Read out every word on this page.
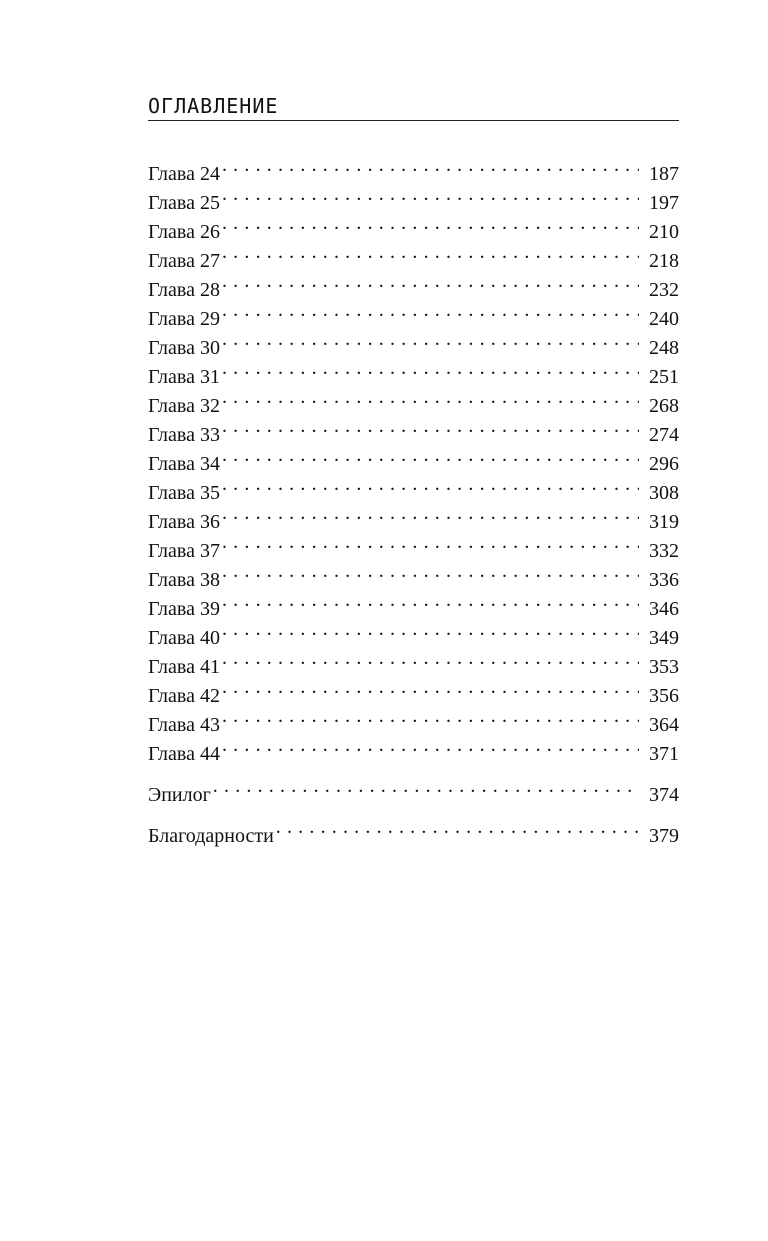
ОГЛАВЛЕНИЕ
Глава 24 . . .	187
Глава 25 . . .	197
Глава 26 . . .	210
Глава 27 . . .	218
Глава 28 . . .	232
Глава 29 . . .	240
Глава 30 . . .	248
Глава 31 . . .	251
Глава 32 . . .	268
Глава 33 . . .	274
Глава 34 . . .	296
Глава 35 . . .	308
Глава 36 . . .	319
Глава 37 . . .	332
Глава 38 . . .	336
Глава 39 . . .	346
Глава 40 . . .	349
Глава 41 . . .	353
Глава 42 . . .	356
Глава 43 . . .	364
Глава 44 . . .	371
Эпилог . . .	374
Благодарности . . .	379
